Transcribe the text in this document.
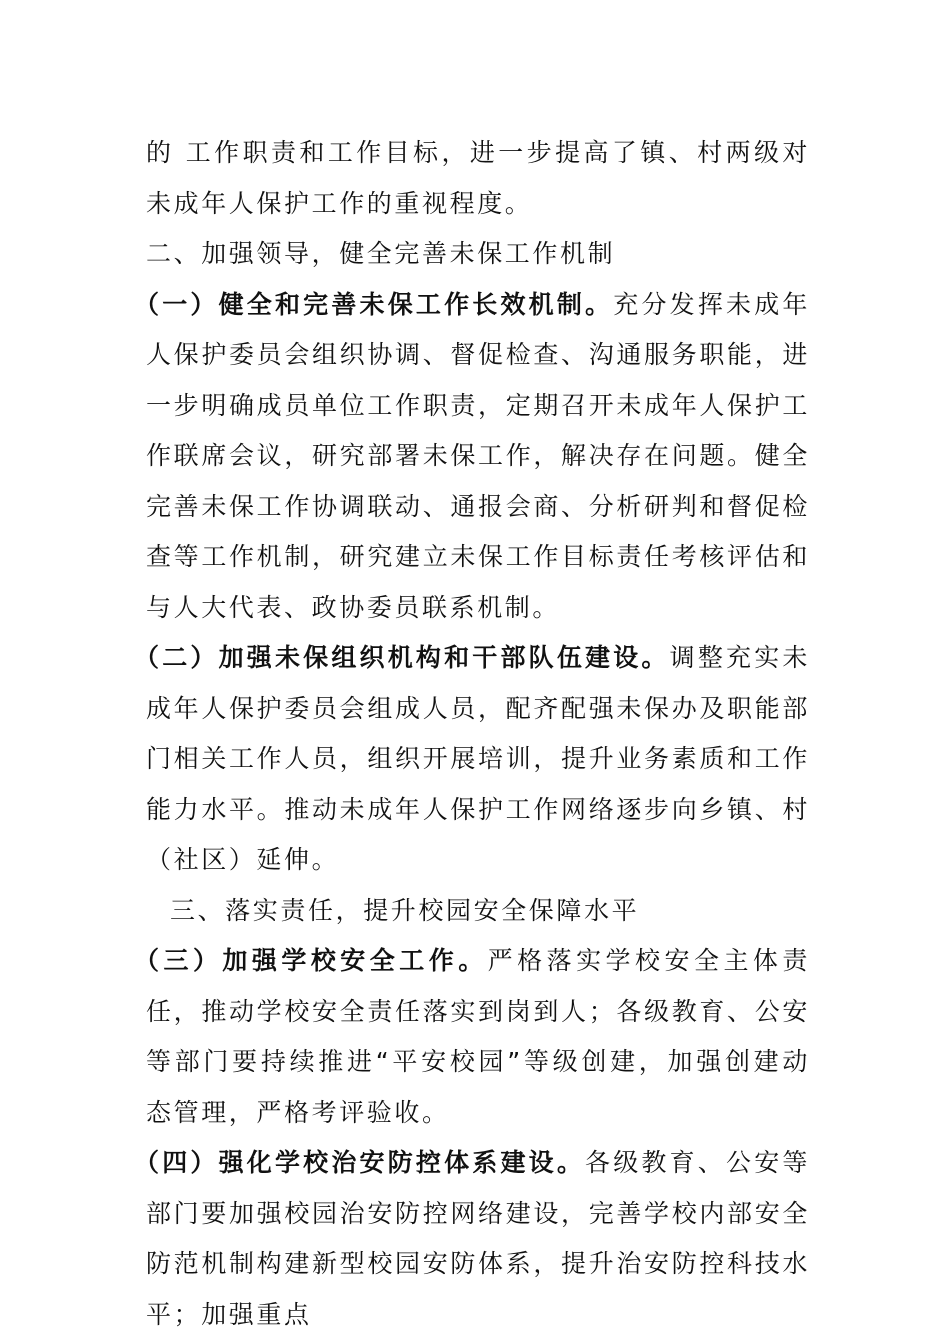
的 工作职责和工作目标，进一步提高了镇、村两级对未成年人保护工作的重视程度。

二、加强领导，健全完善未保工作机制

（一）健全和完善未保工作长效机制。充分发挥未成年人保护委员会组织协调、督促检查、沟通服务职能，进一步明确成员单位工作职责，定期召开未成年人保护工作联席会议，研究部署未保工作，解决存在问题。健全完善未保工作协调联动、通报会商、分析研判和督促检查等工作机制，研究建立未保工作目标责任考核评估和与人大代表、政协委员联系机制。

（二）加强未保组织机构和干部队伍建设。调整充实未成年人保护委员会组成人员，配齐配强未保办及职能部门相关工作人员，组织开展培训，提升业务素质和工作能力水平。推动未成年人保护工作网络逐步向乡镇、村（社区）延伸。

三、落实责任，提升校园安全保障水平

（三）加强学校安全工作。严格落实学校安全主体责任，推动学校安全责任落实到岗到人；各级教育、公安等部门要持续推进“平安校园”等级创建，加强创建动态管理，严格考评验收。

（四）强化学校治安防控体系建设。各级教育、公安等部门要加强校园治安防控网络建设，完善学校内部安全防范机制构建新型校园安防体系，提升治安防控科技水平；加强重点
